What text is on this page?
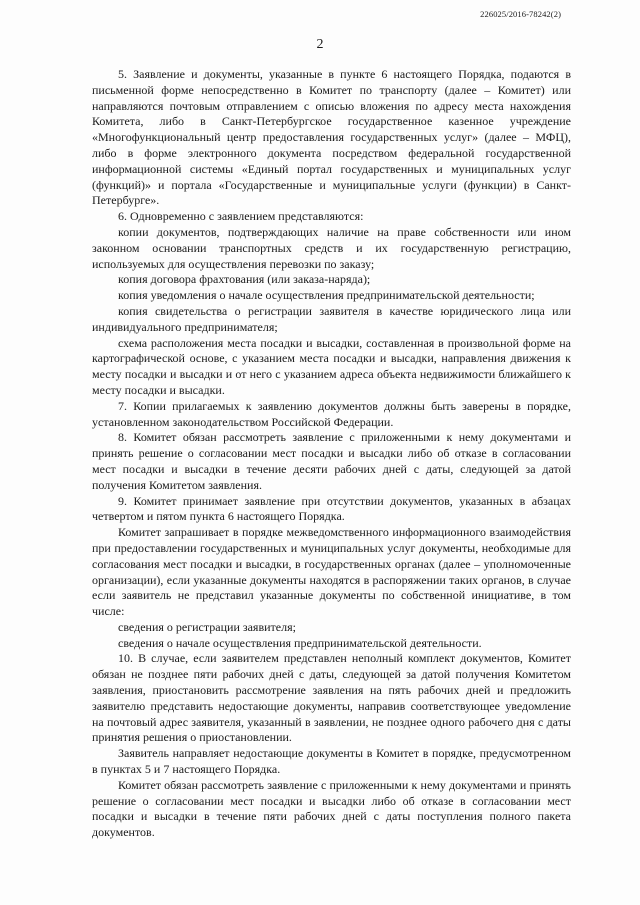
226025/2016-78242(2)
2

5. Заявление и документы, указанные в пункте 6 настоящего Порядка, подаются в письменной форме непосредственно в Комитет по транспорту (далее – Комитет) или направляются почтовым отправлением с описью вложения по адресу места нахождения Комитета, либо в Санкт-Петербургское государственное казенное учреждение «Многофункциональный центр предоставления государственных услуг» (далее – МФЦ), либо в форме электронного документа посредством федеральной государственной информационной системы «Единый портал государственных и муниципальных услуг (функций)» и портала «Государственные и муниципальные услуги (функции) в Санкт-Петербурге».

6. Одновременно с заявлением представляются:

копии документов, подтверждающих наличие на праве собственности или ином законном основании транспортных средств и их государственную регистрацию, используемых для осуществления перевозки по заказу;

копия договора фрахтования (или заказа-наряда);

копия уведомления о начале осуществления предпринимательской деятельности;

копия свидетельства о регистрации заявителя в качестве юридического лица или индивидуального предпринимателя;

схема расположения места посадки и высадки, составленная в произвольной форме на картографической основе, с указанием места посадки и высадки, направления движения к месту посадки и высадки и от него с указанием адреса объекта недвижимости ближайшего к месту посадки и высадки.

7. Копии прилагаемых к заявлению документов должны быть заверены в порядке, установленном законодательством Российской Федерации.

8. Комитет обязан рассмотреть заявление с приложенными к нему документами и принять решение о согласовании мест посадки и высадки либо об отказе в согласовании мест посадки и высадки в течение десяти рабочих дней с даты, следующей за датой получения Комитетом заявления.

9. Комитет принимает заявление при отсутствии документов, указанных в абзацах четвертом и пятом пункта 6 настоящего Порядка.

Комитет запрашивает в порядке межведомственного информационного взаимодействия при предоставлении государственных и муниципальных услуг документы, необходимые для согласования мест посадки и высадки, в государственных органах (далее – уполномоченные организации), если указанные документы находятся в распоряжении таких органов, в случае если заявитель не представил указанные документы по собственной инициативе, в том числе:

сведения о регистрации заявителя;

сведения о начале осуществления предпринимательской деятельности.

10. В случае, если заявителем представлен неполный комплект документов, Комитет обязан не позднее пяти рабочих дней с даты, следующей за датой получения Комитетом заявления, приостановить рассмотрение заявления на пять рабочих дней и предложить заявителю представить недостающие документы, направив соответствующее уведомление на почтовый адрес заявителя, указанный в заявлении, не позднее одного рабочего дня с даты принятия решения о приостановлении.

Заявитель направляет недостающие документы в Комитет в порядке, предусмотренном в пунктах 5 и 7 настоящего Порядка.

Комитет обязан рассмотреть заявление с приложенными к нему документами и принять решение о согласовании мест посадки и высадки либо об отказе в согласовании мест посадки и высадки в течение пяти рабочих дней с даты поступления полного пакета документов.
